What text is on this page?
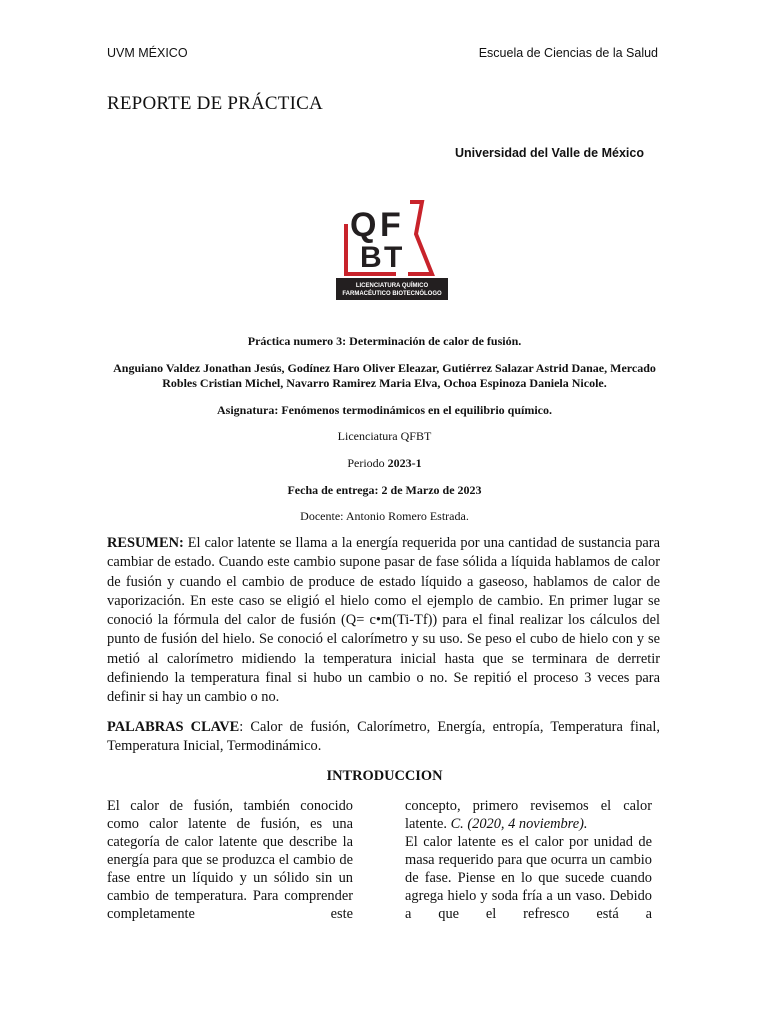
UVM MÉXICO	Escuela de Ciencias de la Salud
REPORTE DE PRÁCTICA
Universidad del Valle de México
Q F
B T
LICENCIATURA QUÍMICO
FARMACÉUTICO BIOTECNÓLOGO
Práctica numero 3: Determinación de calor de fusión.
Anguiano Valdez Jonathan Jesús, Godínez Haro Oliver Eleazar, Gutiérrez Salazar Astrid Danae, Mercado Robles Cristian Michel, Navarro Ramirez Maria Elva, Ochoa Espinoza Daniela Nicole.
Asignatura: Fenómenos termodinámicos en el equilibrio químico.
Licenciatura QFBT
Periodo 2023-1
Fecha de entrega: 2 de Marzo de 2023
Docente: Antonio Romero Estrada.
RESUMEN: El calor latente se llama a la energía requerida por una cantidad de sustancia para cambiar de estado. Cuando este cambio supone pasar de fase sólida a líquida hablamos de calor de fusión y cuando el cambio de produce de estado líquido a gaseoso, hablamos de calor de vaporización. En este caso se eligió el hielo como el ejemplo de cambio. En primer lugar se conoció la fórmula del calor de fusión (Q= c•m(Ti-Tf)) para el final realizar los cálculos del punto de fusión del hielo. Se conoció el calorímetro y su uso. Se peso el cubo de hielo con y se metió al calorímetro midiendo la temperatura inicial hasta que se terminara de derretir definiendo la temperatura final si hubo un cambio o no. Se repitió el proceso 3 veces para definir si hay un cambio o no.
PALABRAS CLAVE: Calor de fusión, Calorímetro, Energía, entropía, Temperatura final, Temperatura Inicial, Termodinámico.
INTRODUCCION
El calor de fusión, también conocido como calor latente de fusión, es una categoría de calor latente que describe la energía para que se produzca el cambio de fase entre un líquido y un sólido sin un cambio de temperatura. Para comprender completamente este
concepto, primero revisemos el calor latente. C. (2020, 4 noviembre).
El calor latente es el calor por unidad de masa requerido para que ocurra un cambio de fase. Piense en lo que sucede cuando agrega hielo y soda fría a un vaso. Debido a que el refresco está a
